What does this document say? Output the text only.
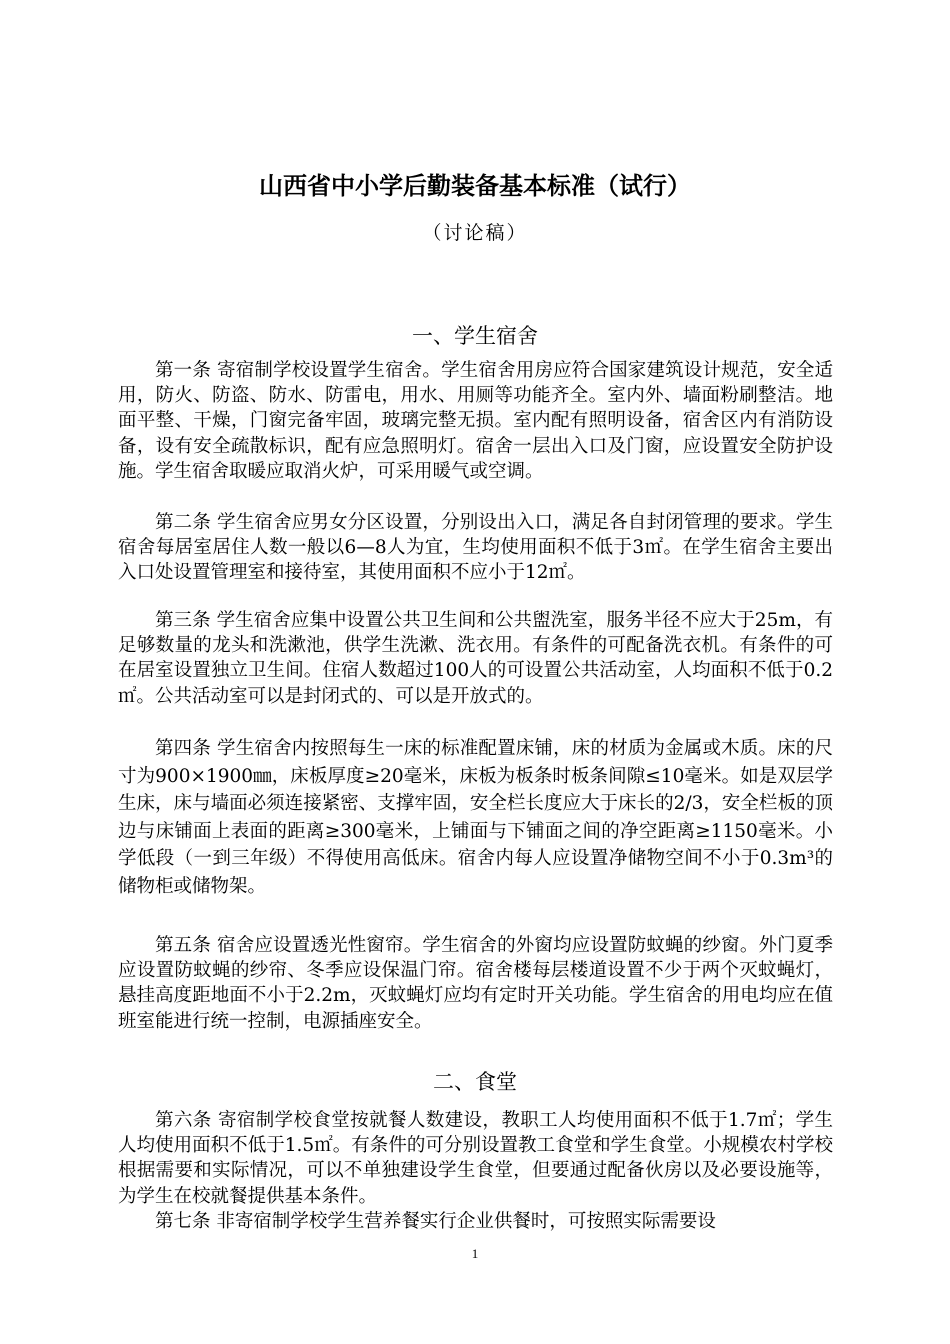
山西省中小学后勤装备基本标准（试行）
（讨论稿）
一、学生宿舍

第一条 寄宿制学校设置学生宿舍。学生宿舍用房应符合国家建筑设计规范，安全适用，防火、防盗、防水、防雷电，用水、用厕等功能齐全。室内外、墙面粉刷整洁。地面平整、干燥，门窗完备牢固，玻璃完整无损。室内配有照明设备，宿舍区内有消防设备，设有安全疏散标识，配有应急照明灯。宿舍一层出入口及门窗，应设置安全防护设施。学生宿舍取暖应取消火炉，可采用暖气或空调。

第二条 学生宿舍应男女分区设置，分别设出入口，满足各自封闭管理的要求。学生宿舍每居室居住人数一般以6—8人为宜，生均使用面积不低于3㎡。在学生宿舍主要出入口处设置管理室和接待室，其使用面积不应小于12㎡。

第三条 学生宿舍应集中设置公共卫生间和公共盥洗室，服务半径不应大于25m，有足够数量的龙头和洗漱池，供学生洗漱、洗衣用。有条件的可配备洗衣机。有条件的可在居室设置独立卫生间。住宿人数超过100人的可设置公共活动室，人均面积不低于0.2㎡。公共活动室可以是封闭式的、可以是开放式的。

第四条 学生宿舍内按照每生一床的标准配置床铺，床的材质为金属或木质。床的尺寸为900×1900㎜，床板厚度≥20毫米，床板为板条时板条间隙≤10毫米。如是双层学生床，床与墙面必须连接紧密、支撑牢固，安全栏长度应大于床长的2/3，安全栏板的顶边与床铺面上表面的距离≥300毫米，上铺面与下铺面之间的净空距离≥1150毫米。小学低段（一到三年级）不得使用高低床。宿舍内每人应设置净储物空间不小于0.3m³的储物柜或储物架。

第五条 宿舍应设置透光性窗帘。学生宿舍的外窗均应设置防蚊蝇的纱窗。外门夏季应设置防蚊蝇的纱帘、冬季应设保温门帘。宿舍楼每层楼道设置不少于两个灭蚊蝇灯，悬挂高度距地面不小于2.2m，灭蚊蝇灯应均有定时开关功能。学生宿舍的用电均应在值班室能进行统一控制，电源插座安全。

二、食堂

第六条 寄宿制学校食堂按就餐人数建设，教职工人均使用面积不低于1.7㎡；学生人均使用面积不低于1.5㎡。有条件的可分别设置教工食堂和学生食堂。小规模农村学校根据需要和实际情况，可以不单独建设学生食堂，但要通过配备伙房以及必要设施等，为学生在校就餐提供基本条件。

第七条 非寄宿制学校学生营养餐实行企业供餐时，可按照实际需要设

1
